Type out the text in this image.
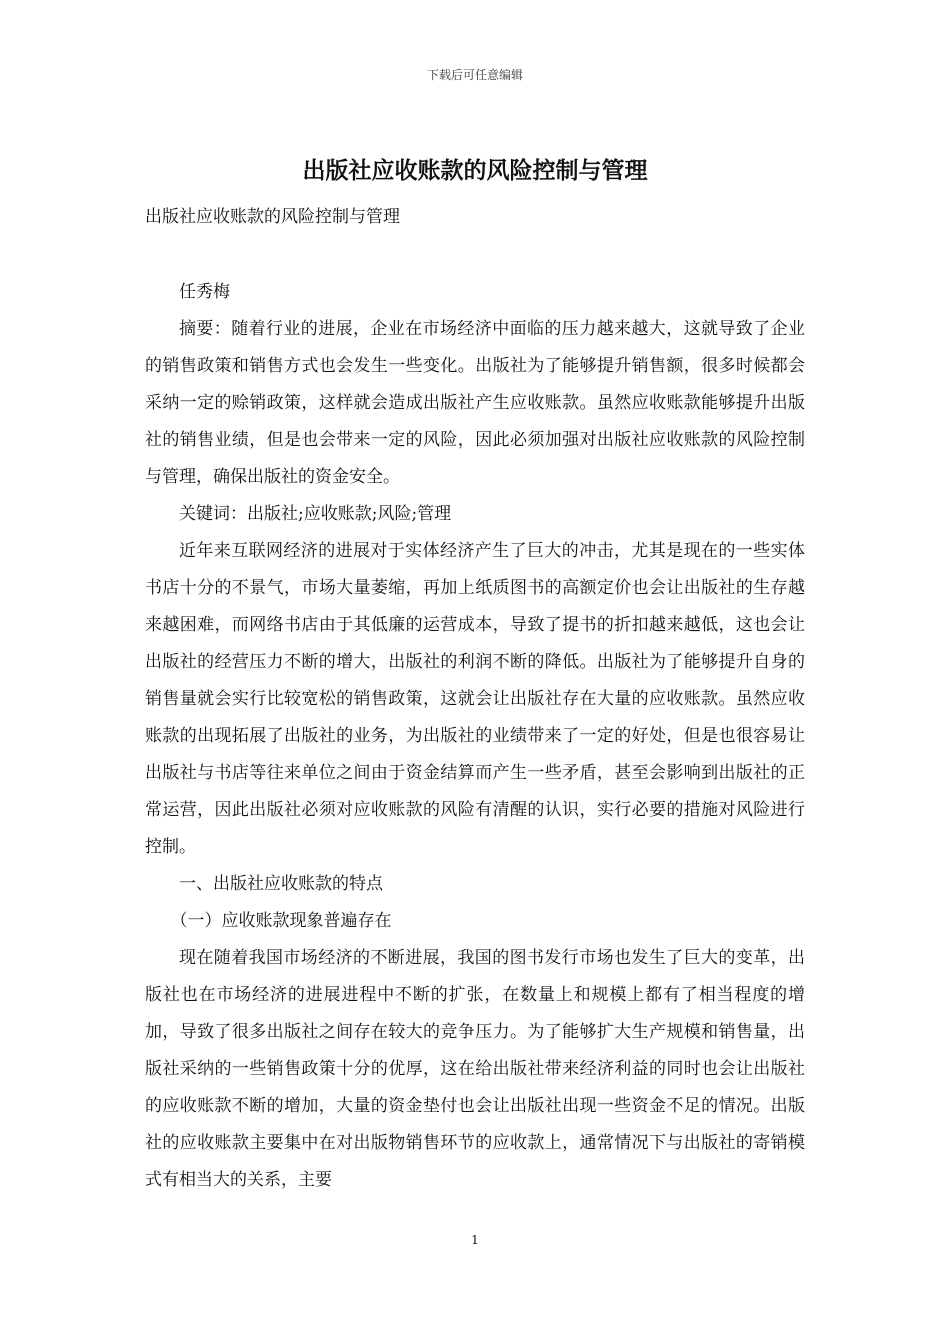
下载后可任意编辑
出版社应收账款的风险控制与管理
出版社应收账款的风险控制与管理

任秀梅

摘要：随着行业的进展，企业在市场经济中面临的压力越来越大，这就导致了企业的销售政策和销售方式也会发生一些变化。出版社为了能够提升销售额，很多时候都会采纳一定的赊销政策，这样就会造成出版社产生应收账款。虽然应收账款能够提升出版社的销售业绩，但是也会带来一定的风险，因此必须加强对出版社应收账款的风险控制与管理，确保出版社的资金安全。

关键词：出版社;应收账款;风险;管理

近年来互联网经济的进展对于实体经济产生了巨大的冲击，尤其是现在的一些实体书店十分的不景气，市场大量萎缩，再加上纸质图书的高额定价也会让出版社的生存越来越困难，而网络书店由于其低廉的运营成本，导致了提书的折扣越来越低，这也会让出版社的经营压力不断的增大，出版社的利润不断的降低。出版社为了能够提升自身的销售量就会实行比较宽松的销售政策，这就会让出版社存在大量的应收账款。虽然应收账款的出现拓展了出版社的业务，为出版社的业绩带来了一定的好处，但是也很容易让出版社与书店等往来单位之间由于资金结算而产生一些矛盾，甚至会影响到出版社的正常运营，因此出版社必须对应收账款的风险有清醒的认识，实行必要的措施对风险进行控制。

一、出版社应收账款的特点

（一）应收账款现象普遍存在

现在随着我国市场经济的不断进展，我国的图书发行市场也发生了巨大的变革，出版社也在市场经济的进展进程中不断的扩张，在数量上和规模上都有了相当程度的增加，导致了很多出版社之间存在较大的竞争压力。为了能够扩大生产规模和销售量，出版社采纳的一些销售政策十分的优厚，这在给出版社带来经济利益的同时也会让出版社的应收账款不断的增加，大量的资金垫付也会让出版社出现一些资金不足的情况。出版社的应收账款主要集中在对出版物销售环节的应收款上，通常情况下与出版社的寄销模式有相当大的关系，主要

1
